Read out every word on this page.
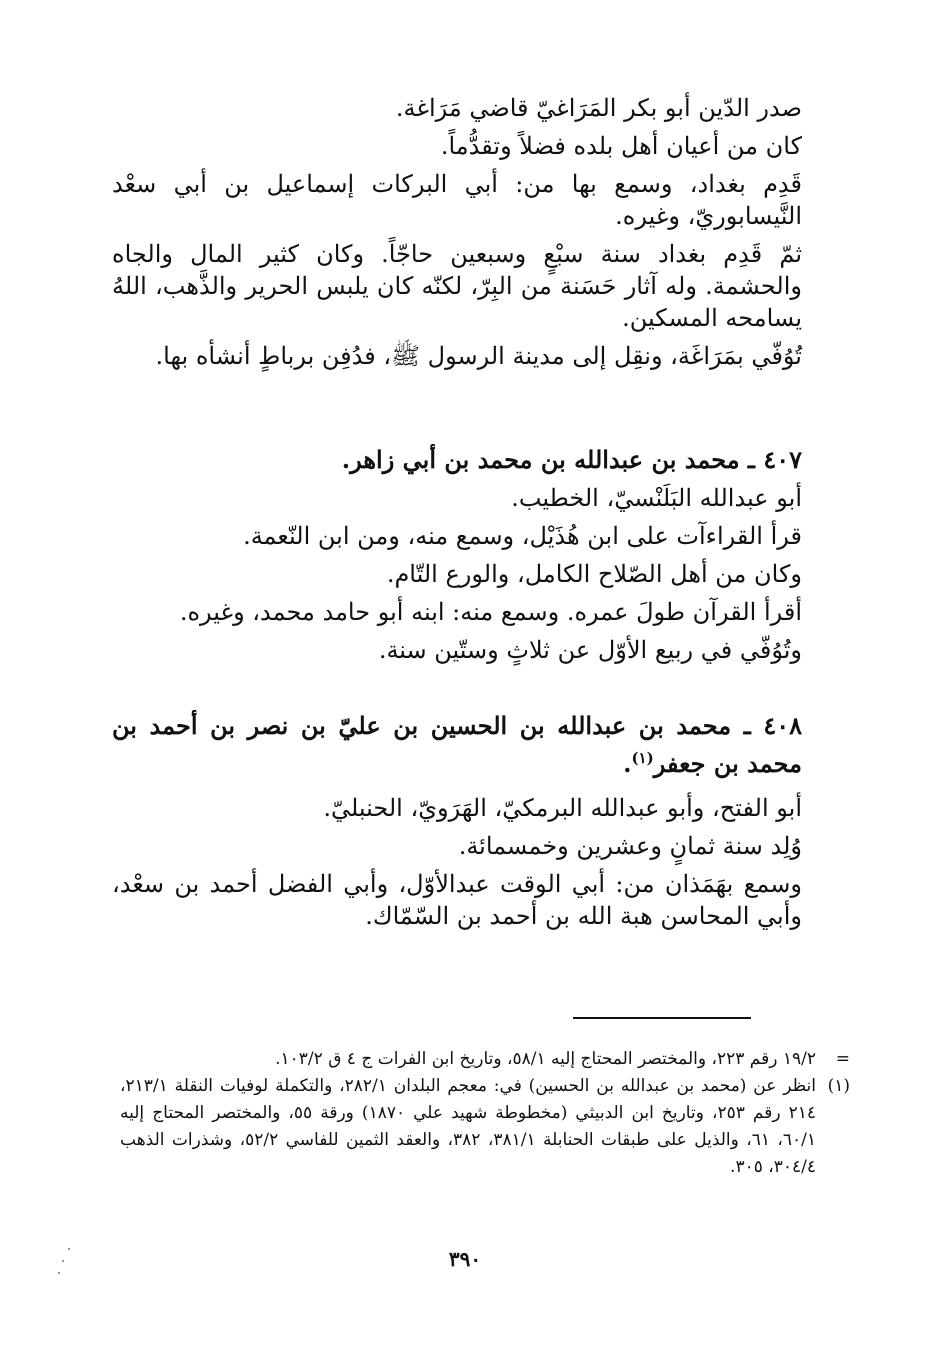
صدر الدّين أبو بكر المَرَاغيّ قاضي مَرَاغة.

كان من أعيان أهل بلده فضلاً وتقدُّماً.

قَدِم بغداد، وسمع بها من: أبي البركات إسماعيل بن أبي سعْد النَّيسابوريّ، وغيره.

ثمّ قَدِم بغداد سنة سبْعٍ وسبعين حاجّاً. وكان كثير المال والجاه والحشمة. وله آثار حَسَنة من البِرّ، لكنّه كان يلبس الحرير والذَّهب، اللهُ يسامحه المسكين.

تُوُفّي بمَرَاغَة، ونقِل إلى مدينة الرسول ﷺ، فدُفِن برباطٍ أنشأه بها.

٤٠٧ ـ محمد بن عبدالله بن محمد بن أبي زاهر.

أبو عبدالله البَلَنْسيّ، الخطيب.

قرأ القراءآت على ابن هُذَيْل، وسمع منه، ومن ابن النّعمة.

وكان من أهل الصّلاح الكامل، والورع التّام.

أقرأ القرآن طولَ عمره. وسمع منه: ابنه أبو حامد محمد، وغيره.

وتُوُفّي في ربيع الأوّل عن ثلاثٍ وستّين سنة.

٤٠٨ ـ محمد بن عبدالله بن الحسين بن عليّ بن نصر بن أحمد بن محمد بن جعفر$^{(١)}$.

أبو الفتح، وأبو عبدالله البرمكيّ، الهَرَويّ، الحنبليّ.

وُلِد سنة ثمانٍ وعشرين وخمسمائة.

وسمع بهَمَذان من: أبي الوقت عبدالأوّل، وأبي الفضل أحمد بن سعْد، وأبي المحاسن هبة الله بن أحمد بن السّمّاك.

=
١٩/٢ رقم ٢٢٣، والمختصر المحتاج إليه ٥٨/١، وتاريخ ابن الفرات ج ٤ ق ١٠٣/٢.
(١)
انظر عن (محمد بن عبدالله بن الحسين) في: معجم البلدان ٢٨٢/١، والتكملة لوفيات النقلة ٢١٣/١، ٢١٤ رقم ٢٥٣، وتاريخ ابن الدبيثي (مخطوطة شهيد علي ١٨٧٠) ورقة ٥٥، والمختصر المحتاج إليه ٦٠/١، ٦١، والذيل على طبقات الحنابلة ٣٨١/١، ٣٨٢، والعقد الثمين للفاسي ٥٢/٢، وشذرات الذهب ٣٠٤/٤، ٣٠٥.
٣٩٠
